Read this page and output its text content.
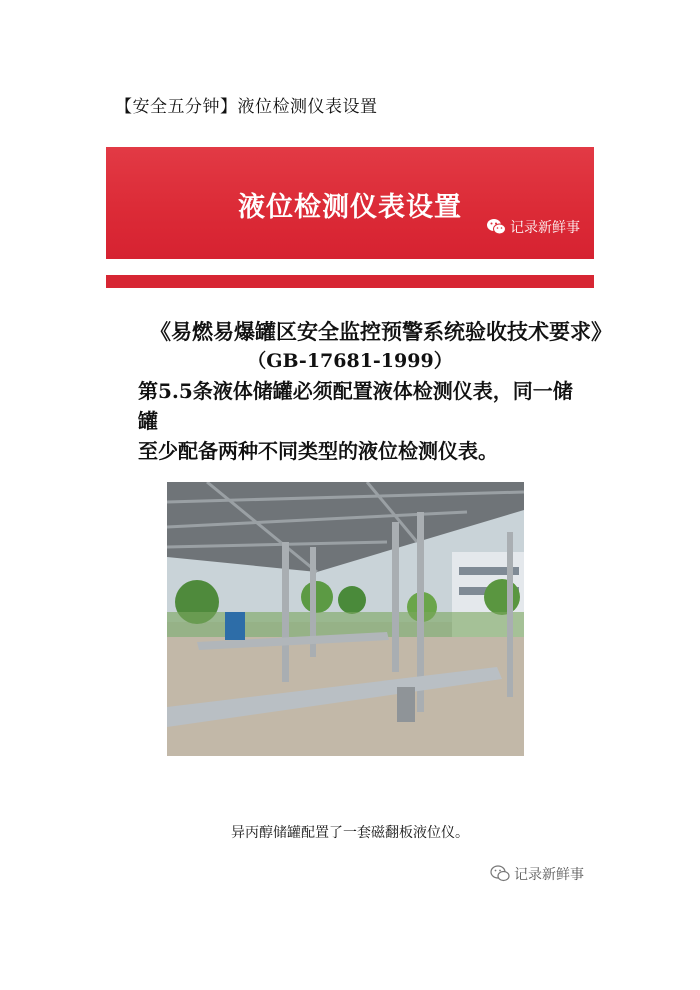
【安全五分钟】液位检测仪表设置
液位检测仪表设置
记录新鲜事
《易燃易爆罐区安全监控预警系统验收技术要求》
（GB-17681-1999）
第5.5条液体储罐必须配置液体检测仪表，同一储罐
至少配备两种不同类型的液位检测仪表。
异丙醇储罐配置了一套磁翻板液位仪。
记录新鲜事
